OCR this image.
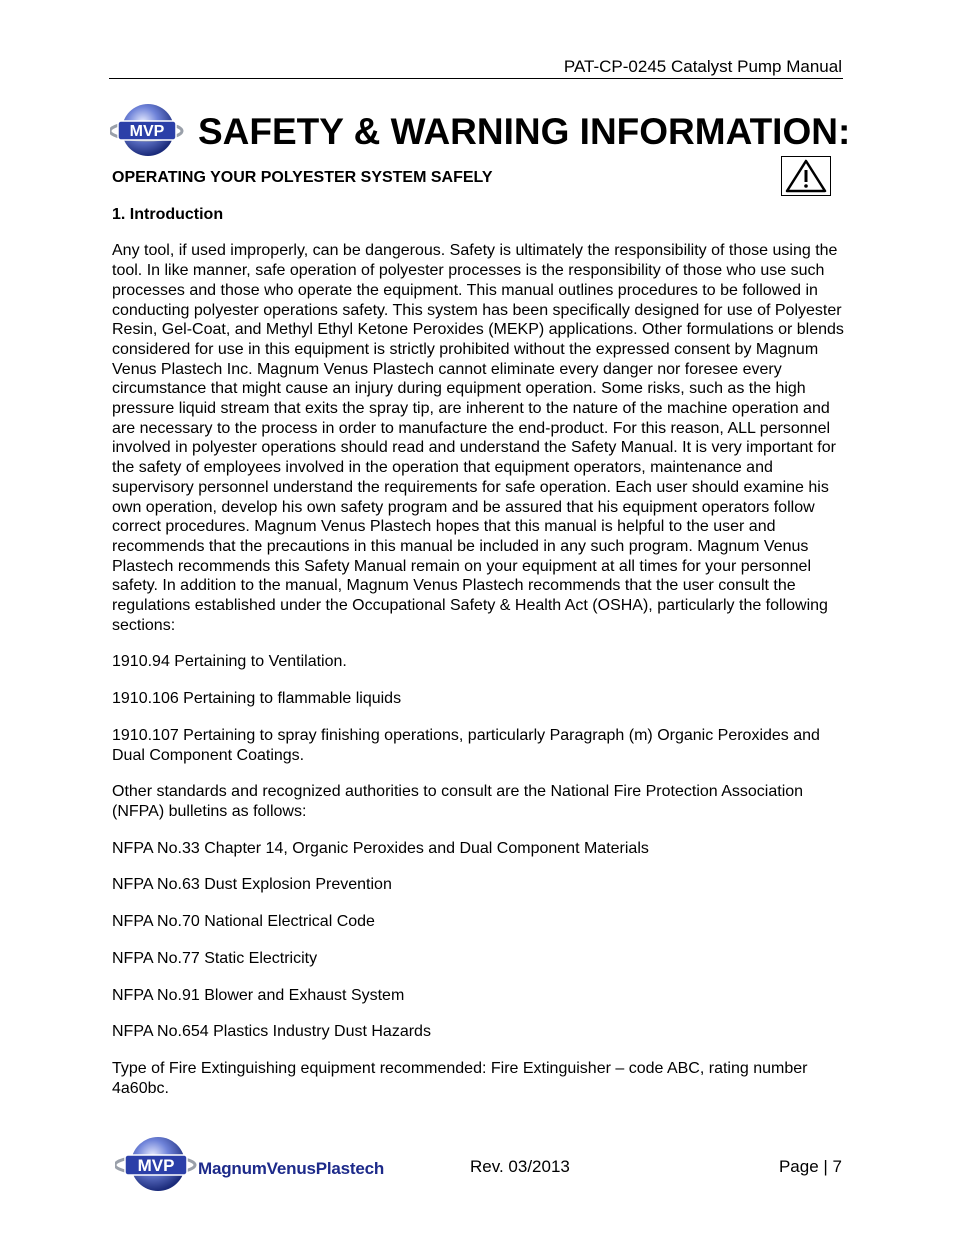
PAT-CP-0245 Catalyst Pump Manual
MVP SAFETY & WARNING INFORMATION:

OPERATING YOUR POLYESTER SYSTEM SAFELY

1. Introduction

Any tool, if used improperly, can be dangerous. Safety is ultimately the responsibility of those using the tool. In like manner, safe operation of polyester processes is the responsibility of those who use such processes and those who operate the equipment. This manual outlines procedures to be followed in conducting polyester operations safety. This system has been specifically designed for use of Polyester Resin, Gel-Coat, and Methyl Ethyl Ketone Peroxides (MEKP) applications. Other formulations or blends considered for use in this equipment is strictly prohibited without the expressed consent by Magnum Venus Plastech Inc. Magnum Venus Plastech cannot eliminate every danger nor foresee every circumstance that might cause an injury during equipment operation. Some risks, such as the high pressure liquid stream that exits the spray tip, are inherent to the nature of the machine operation and are necessary to the process in order to manufacture the end-product. For this reason, ALL personnel involved in polyester operations should read and understand the Safety Manual. It is very important for the safety of employees involved in the operation that equipment operators, maintenance and supervisory personnel understand the requirements for safe operation. Each user should examine his own operation, develop his own safety program and be assured that his equipment operators follow correct procedures. Magnum Venus Plastech hopes that this manual is helpful to the user and recommends that the precautions in this manual be included in any such program. Magnum Venus Plastech recommends this Safety Manual remain on your equipment at all times for your personnel safety. In addition to the manual, Magnum Venus Plastech recommends that the user consult the regulations established under the Occupational Safety & Health Act (OSHA), particularly the following sections:

1910.94 Pertaining to Ventilation.

1910.106 Pertaining to flammable liquids

1910.107 Pertaining to spray finishing operations, particularly Paragraph (m) Organic Peroxides and Dual Component Coatings.

Other standards and recognized authorities to consult are the National Fire Protection Association (NFPA) bulletins as follows:

NFPA No.33 Chapter 14, Organic Peroxides and Dual Component Materials

NFPA No.63 Dust Explosion Prevention

NFPA No.70 National Electrical Code

NFPA No.77 Static Electricity

NFPA No.91 Blower and Exhaust System

NFPA No.654 Plastics Industry Dust Hazards

Type of Fire Extinguishing equipment recommended: Fire Extinguisher – code ABC, rating number 4a60bc.

MVP MagnumVenusPlastech	Rev. 03/2013	Page | 7
